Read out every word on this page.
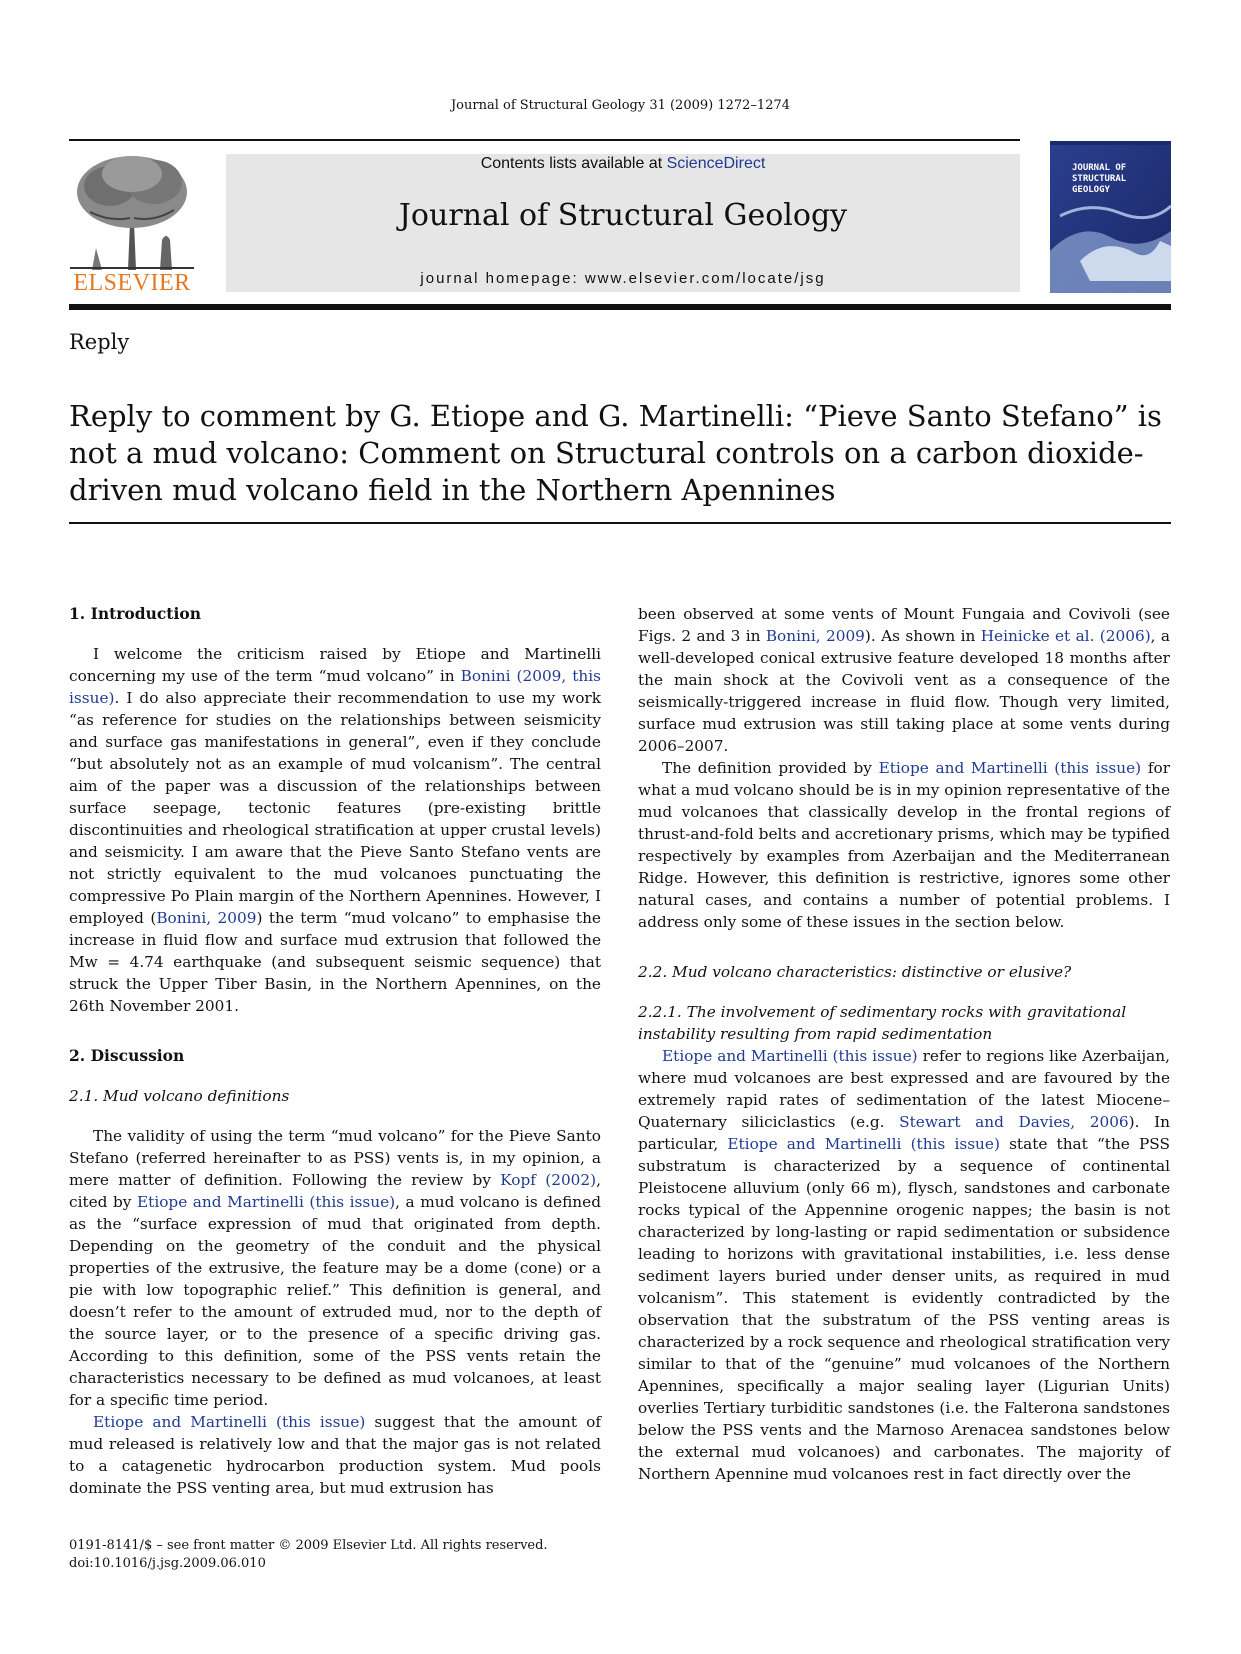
Journal of Structural Geology 31 (2009) 1272–1274
ELSEVIER
Contents lists available at ScienceDirect
Journal of Structural Geology
journal homepage: www.elsevier.com/locate/jsg
JOURNAL OF STRUCTURAL GEOLOGY
Reply
Reply to comment by G. Etiope and G. Martinelli: “Pieve Santo Stefano” is not a mud volcano: Comment on Structural controls on a carbon dioxide-driven mud volcano field in the Northern Apennines
1. Introduction

I welcome the criticism raised by Etiope and Martinelli concerning my use of the term “mud volcano” in Bonini (2009, this issue). I do also appreciate their recommendation to use my work “as reference for studies on the relationships between seismicity and surface gas manifestations in general”, even if they conclude “but absolutely not as an example of mud volcanism”. The central aim of the paper was a discussion of the relationships between surface seepage, tectonic features (pre-existing brittle discontinuities and rheological stratification at upper crustal levels) and seismicity. I am aware that the Pieve Santo Stefano vents are not strictly equivalent to the mud volcanoes punctuating the compressive Po Plain margin of the Northern Apennines. However, I employed (Bonini, 2009) the term “mud volcano” to emphasise the increase in fluid flow and surface mud extrusion that followed the Mw = 4.74 earthquake (and subsequent seismic sequence) that struck the Upper Tiber Basin, in the Northern Apennines, on the 26th November 2001.

2. Discussion
2.1. Mud volcano definitions

The validity of using the term “mud volcano” for the Pieve Santo Stefano (referred hereinafter to as PSS) vents is, in my opinion, a mere matter of definition. Following the review by Kopf (2002), cited by Etiope and Martinelli (this issue), a mud volcano is defined as the “surface expression of mud that originated from depth. Depending on the geometry of the conduit and the physical properties of the extrusive, the feature may be a dome (cone) or a pie with low topographic relief.” This definition is general, and doesn’t refer to the amount of extruded mud, nor to the depth of the source layer, or to the presence of a specific driving gas. According to this definition, some of the PSS vents retain the characteristics necessary to be defined as mud volcanoes, at least for a specific time period.

Etiope and Martinelli (this issue) suggest that the amount of mud released is relatively low and that the major gas is not related to a catagenetic hydrocarbon production system. Mud pools dominate the PSS venting area, but mud extrusion has

been observed at some vents of Mount Fungaia and Covivoli (see Figs. 2 and 3 in Bonini, 2009). As shown in Heinicke et al. (2006), a well-developed conical extrusive feature developed 18 months after the main shock at the Covivoli vent as a consequence of the seismically-triggered increase in fluid flow. Though very limited, surface mud extrusion was still taking place at some vents during 2006–2007.

The definition provided by Etiope and Martinelli (this issue) for what a mud volcano should be is in my opinion representative of the mud volcanoes that classically develop in the frontal regions of thrust-and-fold belts and accretionary prisms, which may be typified respectively by examples from Azerbaijan and the Mediterranean Ridge. However, this definition is restrictive, ignores some other natural cases, and contains a number of potential problems. I address only some of these issues in the section below.

2.2. Mud volcano characteristics: distinctive or elusive?
2.2.1. The involvement of sedimentary rocks with gravitational instability resulting from rapid sedimentation

Etiope and Martinelli (this issue) refer to regions like Azerbaijan, where mud volcanoes are best expressed and are favoured by the extremely rapid rates of sedimentation of the latest Miocene–Quaternary siliciclastics (e.g. Stewart and Davies, 2006). In particular, Etiope and Martinelli (this issue) state that “the PSS substratum is characterized by a sequence of continental Pleistocene alluvium (only 66 m), flysch, sandstones and carbonate rocks typical of the Appennine orogenic nappes; the basin is not characterized by long-lasting or rapid sedimentation or subsidence leading to horizons with gravitational instabilities, i.e. less dense sediment layers buried under denser units, as required in mud volcanism”. This statement is evidently contradicted by the observation that the substratum of the PSS venting areas is characterized by a rock sequence and rheological stratification very similar to that of the “genuine” mud volcanoes of the Northern Apennines, specifically a major sealing layer (Ligurian Units) overlies Tertiary turbiditic sandstones (i.e. the Falterona sandstones below the PSS vents and the Marnoso Arenacea sandstones below the external mud volcanoes) and carbonates. The majority of Northern Apennine mud volcanoes rest in fact directly over the

0191-8141/$ – see front matter © 2009 Elsevier Ltd. All rights reserved.
doi:10.1016/j.jsg.2009.06.010
